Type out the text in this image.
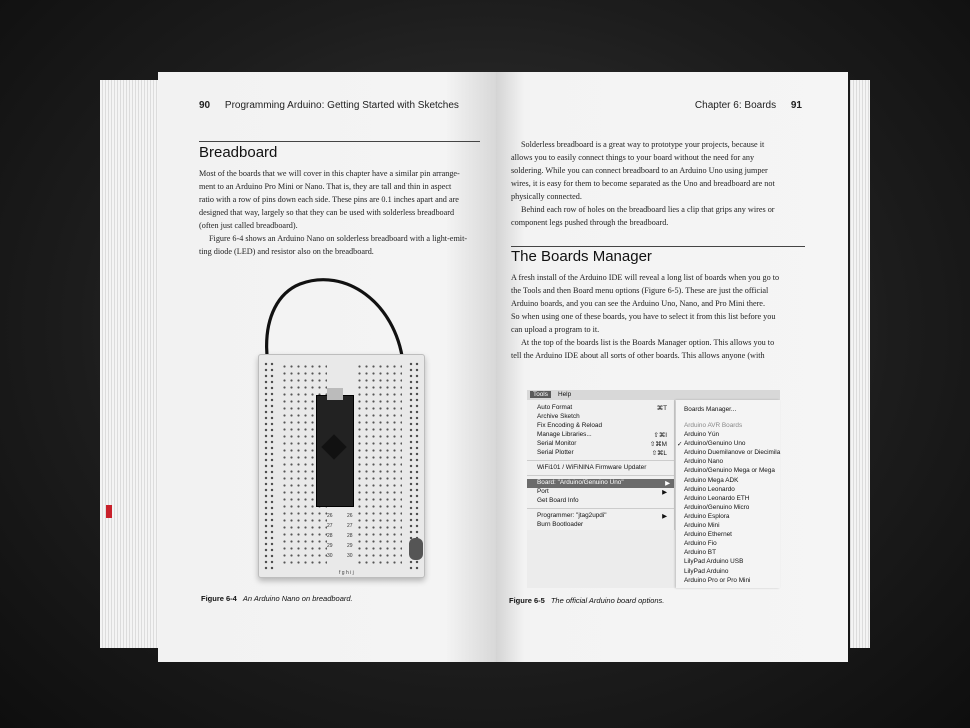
90 Programming Arduino: Getting Started with Sketches
Breadboard
Most of the boards that we will cover in this chapter have a similar pin arrange-
ment to an Arduino Pro Mini or Nano. That is, they are tall and thin in aspect
ratio with a row of pins down each side. These pins are 0.1 inches apart and are
designed that way, largely so that they can be used with solderless breadboard
(often just called breadboard).
Figure 6-4 shows an Arduino Nano on solderless breadboard with a light-emit-
ting diode (LED) and resistor also on the breadboard.
Figure 6-4 An Arduino Nano on breadboard.
Chapter 6: Boards 91
Solderless breadboard is a great way to prototype your projects, because it
allows you to easily connect things to your board without the need for any
soldering. While you can connect breadboard to an Arduino Uno using jumper
wires, it is easy for them to become separated as the Uno and breadboard are not
physically connected.
Behind each row of holes on the breadboard lies a clip that grips any wires or
component legs pushed through the breadboard.
The Boards Manager
A fresh install of the Arduino IDE will reveal a long list of boards when you go to
the Tools and then Board menu options (Figure 6-5). These are just the official
Arduino boards, and you can see the Arduino Uno, Nano, and Pro Mini there.
So when using one of these boards, you have to select it from this list before you
can upload a program to it.
At the top of the boards list is the Boards Manager option. This allows you to
tell the Arduino IDE about all sorts of other boards. This allows anyone (with
Figure 6-5 The official Arduino board options.
26	26
27	27
28	28
29	29
30	30
f g h i j
Tools	Help
Auto Format	⌘T
Archive Sketch
Fix Encoding & Reload
Manage Libraries...	⇧⌘I
Serial Monitor	⇧⌘M
Serial Plotter	⇧⌘L
WiFi101 / WiFiNINA Firmware Updater
Board: "Arduino/Genuino Uno"	▶
Port	▶
Get Board Info
Programmer: "jtag2updi"	▶
Burn Bootloader
Boards Manager...
Arduino AVR Boards
Arduino Yún
✓ Arduino/Genuino Uno
Arduino Duemilanove or Diecimila
Arduino Nano
Arduino/Genuino Mega or Mega
Arduino Mega ADK
Arduino Leonardo
Arduino Leonardo ETH
Arduino/Genuino Micro
Arduino Esplora
Arduino Mini
Arduino Ethernet
Arduino Fio
Arduino BT
LilyPad Arduino USB
LilyPad Arduino
Arduino Pro or Pro Mini
